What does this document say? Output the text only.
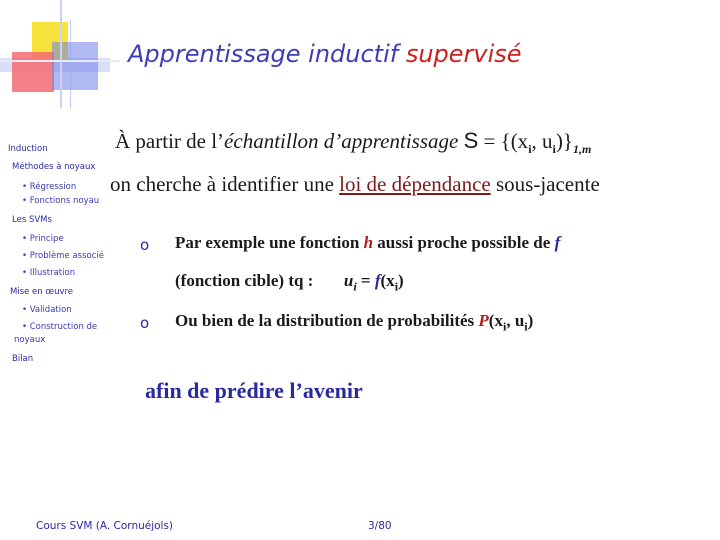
Apprentissage inductif supervisé
Induction
Méthodes à noyaux
• Régression
• Fonctions noyau
Les SVMs
• Principe
• Problème associé
• Illustration
Mise en œuvre
• Validation
• Construction de
noyaux
Bilan
À partir de l’échantillon d’apprentissage $S = \{(x_i$, $u_i)\}_{1,m}$
on cherche à identifier une loi de dépendance sous-jacente
o Par exemple une fonction h aussi proche possible de f
(fonction cible) tq : $u_i = f(x_i)$
o Ou bien de la distribution de probabilités $P(x_i$, $u_i$)
afin de prédire l’avenir
Cours SVM (A. Cornuéjols)	3/80
